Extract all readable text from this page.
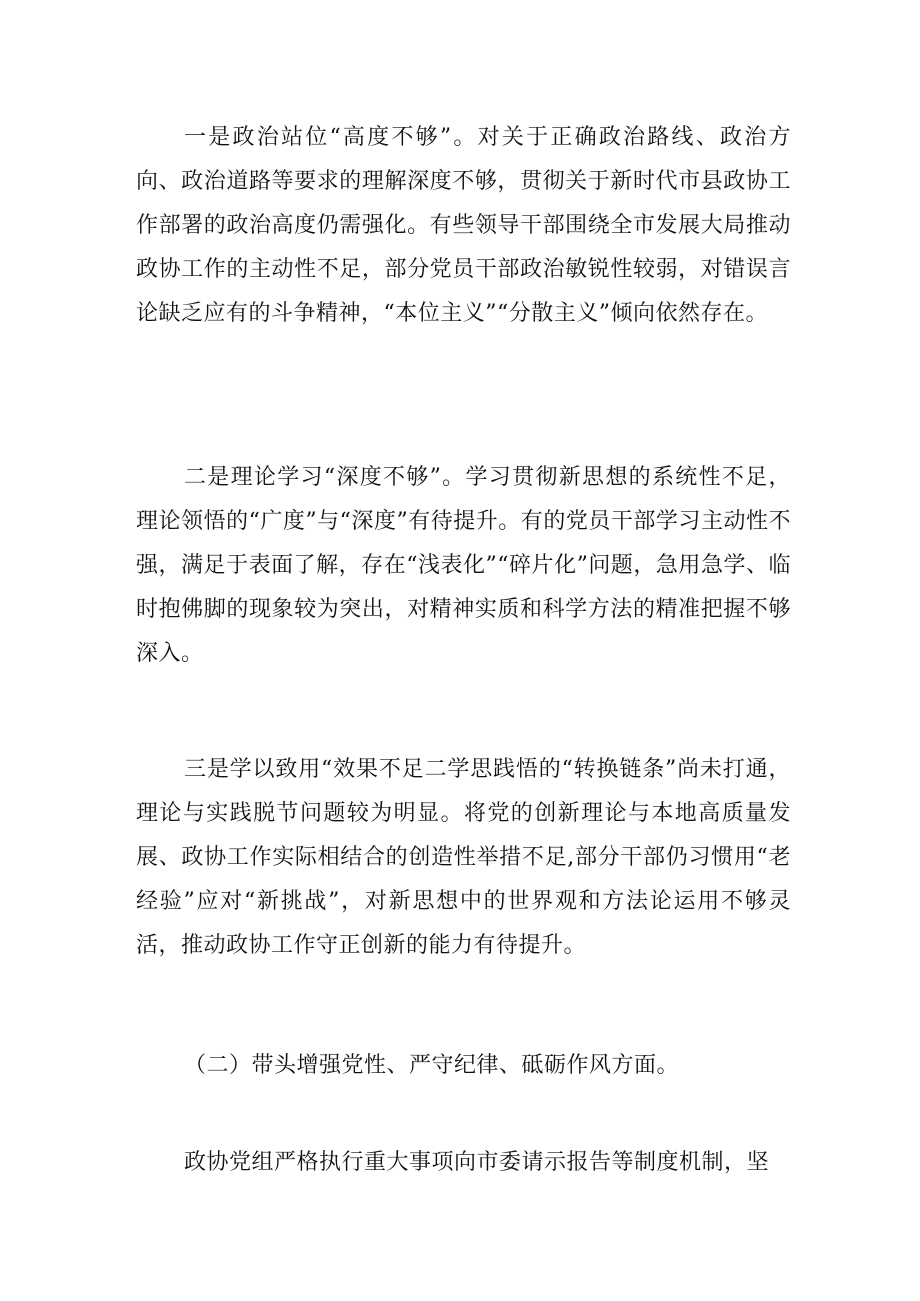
一是政治站位“高度不够”。对关于正确政治路线、政治方向、政治道路等要求的理解深度不够，贯彻关于新时代市县政协工作部署的政治高度仍需强化。有些领导干部围绕全市发展大局推动政协工作的主动性不足，部分党员干部政治敏锐性较弱，对错误言论缺乏应有的斗争精神，“本位主义”“分散主义”倾向依然存在。

二是理论学习“深度不够”。学习贯彻新思想的系统性不足，理论领悟的“广度”与“深度”有待提升。有的党员干部学习主动性不强，满足于表面了解，存在“浅表化”“碎片化”问题，急用急学、临时抱佛脚的现象较为突出，对精神实质和科学方法的精准把握不够深入。

三是学以致用“效果不足二学思践悟的“转换链条”尚未打通，理论与实践脱节问题较为明显。将党的创新理论与本地高质量发展、政协工作实际相结合的创造性举措不足,部分干部仍习惯用“老经验”应对“新挑战”，对新思想中的世界观和方法论运用不够灵活，推动政协工作守正创新的能力有待提升。

（二）带头增强党性、严守纪律、砥砺作风方面。

政协党组严格执行重大事项向市委请示报告等制度机制，坚
